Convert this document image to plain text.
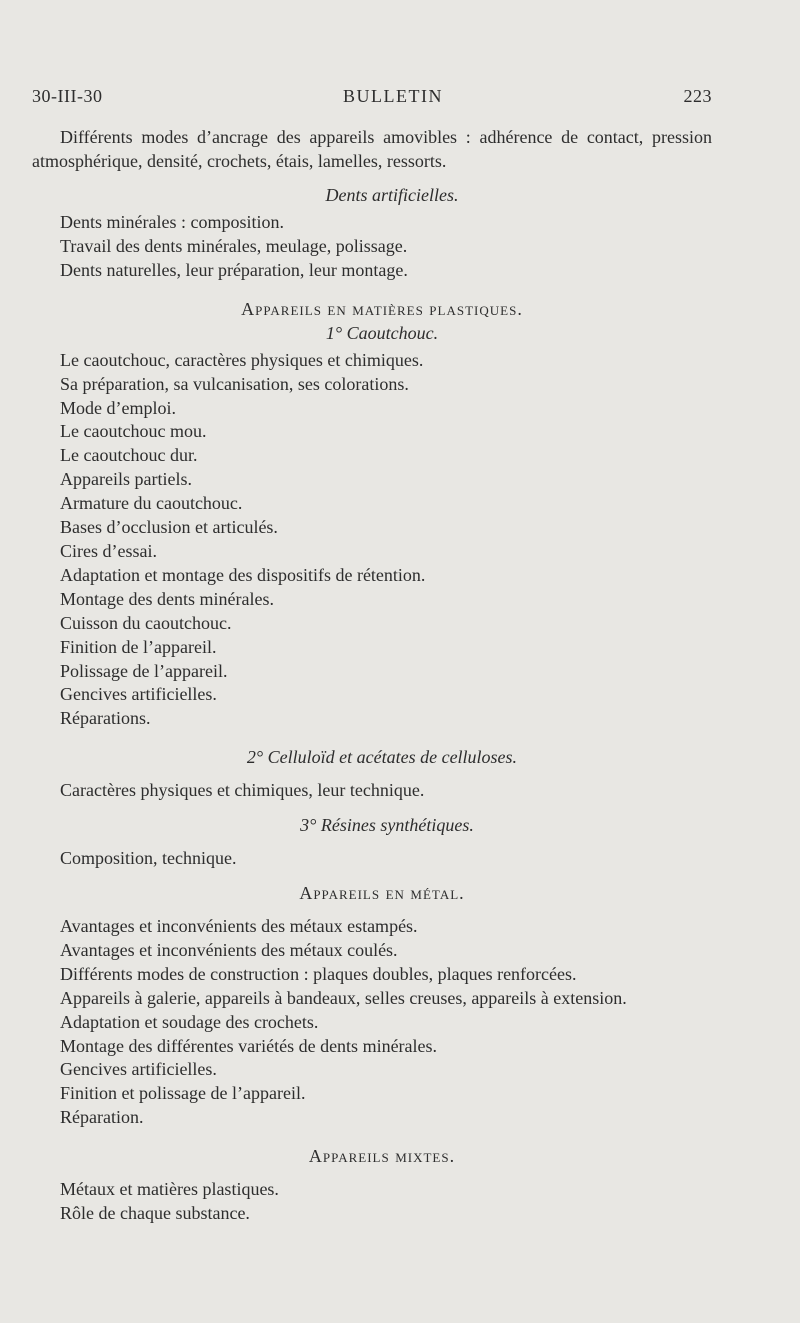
30-III-30	BULLETIN	223

Différents modes d’ancrage des appareils amovibles : adhérence de contact, pression atmosphérique, densité, crochets, étais, lamelles, ressorts.

Dents artificielles.

Dents minérales : composition.

Travail des dents minérales, meulage, polissage.

Dents naturelles, leur préparation, leur montage.

Appareils en matières plastiques.

1° Caoutchouc.

Le caoutchouc, caractères physiques et chimiques.

Sa préparation, sa vulcanisation, ses colorations.

Mode d’emploi.

Le caoutchouc mou.

Le caoutchouc dur.

Appareils partiels.

Armature du caoutchouc.

Bases d’occlusion et articulés.

Cires d’essai.

Adaptation et montage des dispositifs de rétention.

Montage des dents minérales.

Cuisson du caoutchouc.

Finition de l’appareil.

Polissage de l’appareil.

Gencives artificielles.

Réparations.

2° Celluloïd et acétates de celluloses.

Caractères physiques et chimiques, leur technique.

3° Résines synthétiques.

Composition, technique.

Appareils en métal.

Avantages et inconvénients des métaux estampés.

Avantages et inconvénients des métaux coulés.

Différents modes de construction : plaques doubles, plaques renforcées.

Appareils à galerie, appareils à bandeaux, selles creuses, appareils à extension.

Adaptation et soudage des crochets.

Montage des différentes variétés de dents minérales.

Gencives artificielles.

Finition et polissage de l’appareil.

Réparation.

Appareils mixtes.

Métaux et matières plastiques.

Rôle de chaque substance.
